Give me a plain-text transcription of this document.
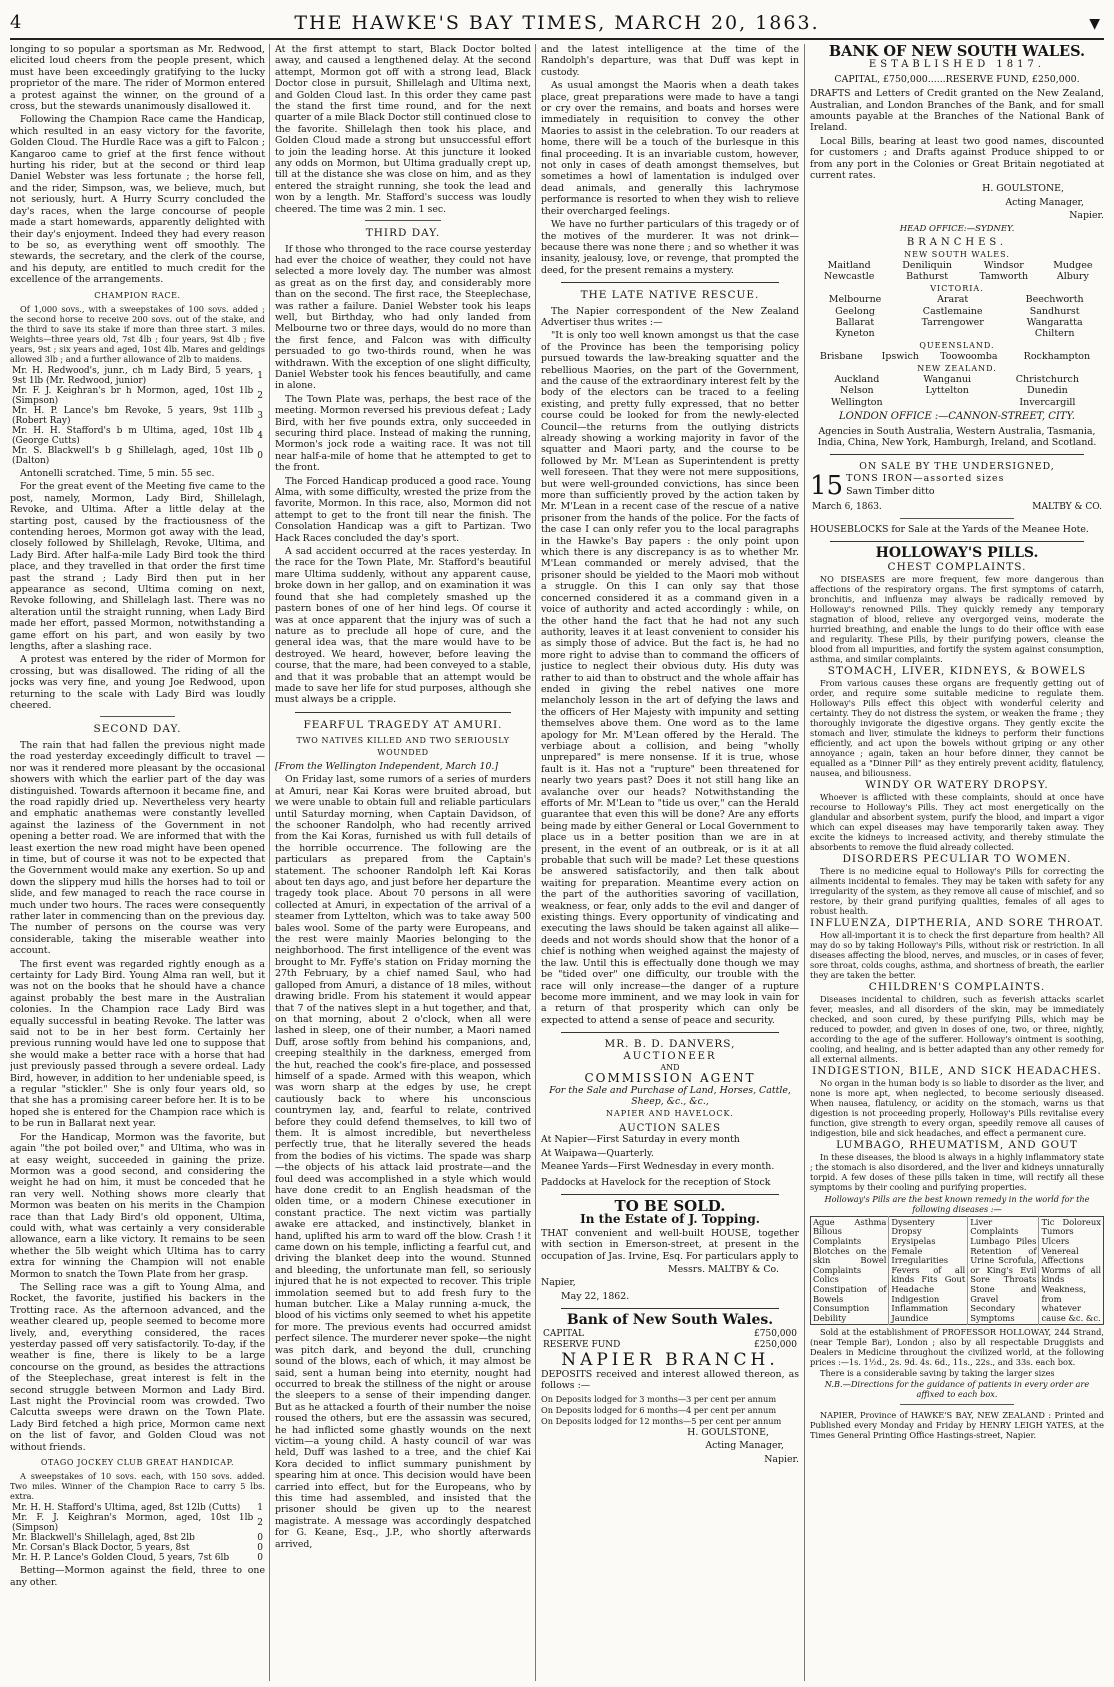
4	THE HAWKE'S BAY TIMES, MARCH 20, 1863.	▼

longing to so popular a sportsman as Mr. Redwood, elicited loud cheers from the people present, which must have been exceedingly gratifying to the lucky proprietor of the mare. The rider of Mormon entered a protest against the winner, on the ground of a cross, but the stewards unanimously disallowed it.

Following the Champion Race came the Handicap, which resulted in an easy victory for the favorite, Golden Cloud. The Hurdle Race was a gift to Falcon ; Kangaroo came to grief at the first fence without hurting his rider, but at the second or third leap Daniel Webster was less fortunate ; the horse fell, and the rider, Simpson, was, we believe, much, but not seriously, hurt. A Hurry Scurry concluded the day's races, when the large concourse of people made a start homewards, apparently delighted with their day's enjoyment. Indeed they had every reason to be so, as everything went off smoothly. The stewards, the secretary, and the clerk of the course, and his deputy, are entitled to much credit for the excellence of the arrangements.

CHAMPION RACE.

Of 1,000 sovs., with a sweepstakes of 100 sovs. added ; the second horse to receive 200 sovs. out of the stake, and the third to save its stake if more than three start. 3 miles. Weights—three years old, 7st 4lb ; four years, 9st 4lb ; five years, 9st ; six years and aged, 10st 4lb. Mares and geldings allowed 3lb ; and a further allowance of 2lb to maidens.

Mr. H. Redwood's, junr., ch m Lady Bird, 5 years, 9st 1lb (Mr. Redwood, junior)	1
Mr. F. J. Keighran's br h Mormon, aged, 10st 1lb (Simpson)	2
Mr. H. P. Lance's bm Revoke, 5 years, 9st 11lb (Robert Ray)	3
Mr. H. H. Stafford's b m Ultima, aged, 10st 1lb (George Cutts)	4
Mr. S. Blackwell's b g Shillelagh, aged, 10st 1lb (Dalton)	0

Antonelli scratched. Time, 5 min. 55 sec.

For the great event of the Meeting five came to the post, namely, Mormon, Lady Bird, Shillelagh, Revoke, and Ultima. After a little delay at the starting post, caused by the fractiousness of the contending heroes, Mormon got away with the lead, closely followed by Shillelagh, Revoke, Ultima, and Lady Bird. After half-a-mile Lady Bird took the third place, and they travelled in that order the first time past the strand ; Lady Bird then put in her appearance as second, Ultima coming on next, Revoke following, and Shillelagh last. There was no alteration until the straight running, when Lady Bird made her effort, passed Mormon, notwithstanding a game effort on his part, and won easily by two lengths, after a slashing race.

A protest was entered by the rider of Mormon for crossing, but was disallowed. The riding of all the jocks was very fine, and young Joe Redwood, upon returning to the scale with Lady Bird was loudly cheered.

SECOND DAY.

The rain that had fallen the previous night made the road yesterday exceedingly difficult to travel —nor was it rendered more pleasant by the occasional showers with which the earlier part of the day was distinguished. Towards afternoon it became fine, and the road rapidly dried up. Nevertheless very hearty and emphatic anathemas were constantly levelled against the laziness of the Government in not opening a better road. We are informed that with the least exertion the new road might have been opened in time, but of course it was not to be expected that the Government would make any exertion. So up and down the slippery mud hills the horses had to toil or slide, and few managed to reach the race course in much under two hours. The races were consequently rather later in commencing than on the previous day. The number of persons on the course was very considerable, taking the miserable weather into account.

The first event was regarded rightly enough as a certainty for Lady Bird. Young Alma ran well, but it was not on the books that he should have a chance against probably the best mare in the Australian colonies. In the Champion race Lady Bird was equally successful in beating Revoke. The latter was said not to be in her best form. Certainly her previous running would have led one to suppose that she would make a better race with a horse that had just previously passed through a severe ordeal. Lady Bird, however, in addition to her undeniable speed, is a regular "stickler." She is only four years old, so that she has a promising career before her. It is to be hoped she is entered for the Champion race which is to be run in Ballarat next year.

For the Handicap, Mormon was the favorite, but again "the pot boiled over," and Ultima, who was in at easy weight, succeeded in gaining the prize. Mormon was a good second, and considering the weight he had on him, it must be conceded that he ran very well. Nothing shows more clearly that Mormon was beaten on his merits in the Champion race than that Lady Bird's old opponent, Ultima, could with, what was certainly a very considerable allowance, earn a like victory. It remains to be seen whether the 5lb weight which Ultima has to carry extra for winning the Champion will not enable Mormon to snatch the Town Plate from her grasp.

The Selling race was a gift to Young Alma, and Rocket, the favorite, justified his backers in the Trotting race. As the afternoon advanced, and the weather cleared up, people seemed to become more lively, and, everything considered, the races yesterday passed off very satisfactorily. To-day, if the weather is fine, there is likely to be a large concourse on the ground, as besides the attractions of the Steeplechase, great interest is felt in the second struggle between Mormon and Lady Bird. Last night the Provincial room was crowded. Two Calcutta sweeps were drawn on the Town Plate. Lady Bird fetched a high price, Mormon came next on the list of favor, and Golden Cloud was not without friends.

OTAGO JOCKEY CLUB GREAT HANDICAP.

A sweepstakes of 10 sovs. each, with 150 sovs. added. Two miles. Winner of the Champion Race to carry 5 lbs. extra.

Mr. H. H. Stafford's Ultima, aged, 8st 12lb (Cutts)	1
Mr. F. J. Keighran's Mormon, aged, 10st 1lb (Simpson)	2
Mr. Blackwell's Shillelagh, aged, 8st 2lb	0
Mr. Corsan's Black Doctor, 5 years, 8st	0
Mr. H. P. Lance's Golden Cloud, 5 years, 7st 6lb	0

Betting—Mormon against the field, three to one any other.

At the first attempt to start, Black Doctor bolted away, and caused a lengthened delay. At the second attempt, Mormon got off with a strong lead, Black Doctor close in pursuit, Shillelagh and Ultima next, and Golden Cloud last. In this order they came past the stand the first time round, and for the next quarter of a mile Black Doctor still continued close to the favorite. Shillelagh then took his place, and Golden Cloud made a strong but unsuccessful effort to join the leading horse. At this juncture it looked any odds on Mormon, but Ultima gradually crept up, till at the distance she was close on him, and as they entered the straight running, she took the lead and won by a length. Mr. Stafford's success was loudly cheered. The time was 2 min. 1 sec.

THIRD DAY.

If those who thronged to the race course yesterday had ever the choice of weather, they could not have selected a more lovely day. The number was almost as great as on the first day, and considerably more than on the second. The first race, the Steeplechase, was rather a failure. Daniel Webster took his leaps well, but Birthday, who had only landed from Melbourne two or three days, would do no more than the first fence, and Falcon was with difficulty persuaded to go two-thirds round, when he was withdrawn. With the exception of one slight difficulty, Daniel Webster took his fences beautifully, and came in alone.

The Town Plate was, perhaps, the best race of the meeting. Mormon reversed his previous defeat ; Lady Bird, with her five pounds extra, only succeeded in securing third place. Instead of making the running, Mormon's jock rode a waiting race. It was not till near half-a-mile of home that he attempted to get to the front.

The Forced Handicap produced a good race. Young Alma, with some difficulty, wrested the prize from the favorite, Mormon. In this race, also, Mormon did not attempt to get to the front till near the finish. The Consolation Handicap was a gift to Partizan. Two Hack Races concluded the day's sport.

A sad accident occurred at the races yesterday. In the race for the Town Plate, Mr. Stafford's beautiful mare Ultima suddenly, without any apparent cause, broke down in her gallop, and on examination it was found that she had completely smashed up the pastern bones of one of her hind legs. Of course it was at once apparent that the injury was of such a nature as to preclude all hope of cure, and the general idea was, that the mare would have to be destroyed. We heard, however, before leaving the course, that the mare, had been conveyed to a stable, and that it was probable that an attempt would be made to save her life for stud purposes, although she must always be a cripple.

FEARFUL TRAGEDY AT AMURI.
TWO NATIVES KILLED AND TWO SERIOUSLY WOUNDED

[From the Wellington Independent, March 10.]

On Friday last, some rumors of a series of murders at Amuri, near Kai Koras were bruited abroad, but we were unable to obtain full and reliable particulars until Saturday morning, when Captain Davidson, of the schooner Randolph, who had recently arrived from the Kai Koras, furnished us with full details of the horrible occurrence. The following are the particulars as prepared from the Captain's statement. The schooner Randolph left Kai Koras about ten days ago, and just before her departure the tragedy took place. About 70 persons in all were collected at Amuri, in expectation of the arrival of a steamer from Lyttelton, which was to take away 500 bales wool. Some of the party were Europeans, and the rest were mainly Maories belonging to the neighborhood. The first intelligence of the event was brought to Mr. Fyffe's station on Friday morning the 27th February, by a chief named Saul, who had galloped from Amuri, a distance of 18 miles, without drawing bridle. From his statement it would appear that 7 of the natives slept in a hut together, and that, on that morning, about 2 o'clock, when all were lashed in sleep, one of their number, a Maori named Duff, arose softly from behind his companions, and, creeping stealthily in the darkness, emerged from the hut, reached the cook's fire-place, and possessed himself of a spade. Armed with this weapon, which was worn sharp at the edges by use, he crept cautiously back to where his unconscious countrymen lay, and, fearful to relate, contrived before they could defend themselves, to kill two of them. It is almost incredible, but nevertheless perfectly true, that he literally severed the heads from the bodies of his victims. The spade was sharp—the objects of his attack laid prostrate—and the foul deed was accomplished in a style which would have done credit to an English headsman of the olden time, or a modern Chinese executioner in constant practice. The next victim was partially awake ere attacked, and instinctively, blanket in hand, uplifted his arm to ward off the blow. Crash ! it came down on his temple, inflicting a fearful cut, and driving the blanket deep into the wound. Stunned and bleeding, the unfortunate man fell, so seriously injured that he is not expected to recover. This triple immolation seemed but to add fresh fury to the human butcher. Like a Malay running a-muck, the blood of his victims only seemed to whet his appetite for more. The previous events had occurred amidst perfect silence. The murderer never spoke—the night was pitch dark, and beyond the dull, crunching sound of the blows, each of which, it may almost be said, sent a human being into eternity, nought had occurred to break the stillness of the night or arouse the sleepers to a sense of their impending danger. But as he attacked a fourth of their number the noise roused the others, but ere the assassin was secured, he had inflicted some ghastly wounds on the next victim—a young child. A hasty council of war was held, Duff was lashed to a tree, and the chief Kai Kora decided to inflict summary punishment by spearing him at once. This decision would have been carried into effect, but for the Europeans, who by this time had assembled, and insisted that the prisoner should be given up to the nearest magistrate. A message was accordingly despatched for G. Keane, Esq., J.P., who shortly afterwards arrived,

and the latest intelligence at the time of the Randolph's departure, was that Duff was kept in custody.

As usual amongst the Maoris when a death takes place, great preparations were made to have a tangi or cry over the remains, and boats and horses were immediately in requisition to convey the other Maories to assist in the celebration. To our readers at home, there will be a touch of the burlesque in this final proceeding. It is an invariable custom, however, not only in cases of death amongst themselves, but sometimes a howl of lamentation is indulged over dead animals, and generally this lachrymose performance is resorted to when they wish to relieve their overcharged feelings.

We have no further particulars of this tragedy or of the motives of the murderer. It was not drink—because there was none there ; and so whether it was insanity, jealousy, love, or revenge, that prompted the deed, for the present remains a mystery.

THE LATE NATIVE RESCUE.

The Napier correspondent of the New Zealand Advertiser thus writes :—

"It is only too well known amongst us that the case of the Province has been the temporising policy pursued towards the law-breaking squatter and the rebellious Maories, on the part of the Government, and the cause of the extraordinary interest felt by the body of the electors can be traced to a feeling existing, and pretty fully expressed, that no better course could be looked for from the newly-elected Council—the returns from the outlying districts already showing a working majority in favor of the squatter and Maori party, and the course to be followed by Mr. M'Lean as Superintendent is pretty well foreseen. That they were not mere suppositions, but were well-grounded convictions, has since been more than sufficiently proved by the action taken by Mr. M'Lean in a recent case of the rescue of a native prisoner from the hands of the police. For the facts of the case I can only refer you to the local paragraphs in the Hawke's Bay papers : the only point upon which there is any discrepancy is as to whether Mr. M'Lean commanded or merely advised, that the prisoner should be yielded to the Maori mob without a struggle. On this I can only say that those concerned considered it as a command given in a voice of authority and acted accordingly : while, on the other hand the fact that he had not any such authority, leaves it at least convenient to consider his as simply those of advice. But the fact is, he had no more right to advise than to command the officers of justice to neglect their obvious duty. His duty was rather to aid than to obstruct and the whole affair has ended in giving the rebel natives one more melancholy lesson in the art of defying the laws and the officers of Her Majesty with impunity and setting themselves above them. One word as to the lame apology for Mr. M'Lean offered by the Herald. The verbiage about a collision, and being "wholly unprepared" is mere nonsense. If it is true, whose fault is it. Has not a "rupture" been threatened for nearly two years past? Does it not still hang like an avalanche over our heads? Notwithstanding the efforts of Mr. M'Lean to "tide us over," can the Herald guarantee that even this will be done? Are any efforts being made by either General or Local Government to place us in a better position than we are in at present, in the event of an outbreak, or is it at all probable that such will be made? Let these questions be answered satisfactorily, and then talk about waiting for preparation. Meantime every action on the part of the authorities savoring of vacillation, weakness, or fear, only adds to the evil and danger of existing things. Every opportunity of vindicating and executing the laws should be taken against all alike—deeds and not words should show that the honor of a chief is nothing when weighed against the majesty of the law. Until this is effectually done though we may be "tided over" one difficulty, our trouble with the race will only increase—the danger of a rupture become more imminent, and we may look in vain for a return of that prosperity which can only be expected to attend a sense of peace and security.

MR. B. D. DANVERS,
AUCTIONEER
AND
COMMISSION AGENT
For the Sale and Purchase of Land, Horses, Cattle, Sheep, &c., &c.,
NAPIER AND HAVELOCK.
AUCTION SALES

At Napier—First Saturday in every month

At Waipawa—Quarterly.

Meanee Yards—First Wednesday in every month.

Paddocks at Havelock for the reception of Stock

TO BE SOLD.
In the Estate of J. Topping.

THAT convenient and well-built HOUSE, together with section in Emerson-street, at present in the occupation of Jas. Irvine, Esq. For particulars apply to

Messrs. MALTBY & Co.

Napier,

May 22, 1862.

Bank of New South Wales.
CAPITAL	£750,000
RESERVE FUND	£250,000
NAPIER BRANCH.

DEPOSITS received and interest allowed thereon, as follows :—

On Deposits lodged for 3 months—3 per cent per annum

On Deposits lodged for 6 months—4 per cent per annum

On Deposits lodged for 12 months—5 per cent per annum

H. GOULSTONE,

Acting Manager,

Napier.

BANK OF NEW SOUTH WALES.
ESTABLISHED 1817.
CAPITAL, £750,000......RESERVE FUND, £250,000.

DRAFTS and Letters of Credit granted on the New Zealand, Australian, and London Branches of the Bank, and for small amounts payable at the Branches of the National Bank of Ireland.

Local Bills, bearing at least two good names, discounted for customers ; and Drafts against Produce shipped to or from any port in the Colonies or Great Britain negotiated at current rates.

H. GOULSTONE,

Acting Manager,

Napier.

HEAD OFFICE:—SYDNEY.
BRANCHES.
NEW SOUTH WALES.
Maitland	Deniliquin	Windsor	Mudgee
Newcastle	Bathurst	Tamworth	Albury
VICTORIA.
Melbourne	Ararat	Beechworth
Geelong	Castlemaine	Sandhurst
Ballarat	Tarrengower	Wangaratta
Kyneton		Chiltern
QUEENSLAND.
Brisbane	Ipswich	Toowoomba	Rockhampton
NEW ZEALAND.
Auckland	Wanganui	Christchurch
Nelson	Lyttelton	Dunedin
Wellington		Invercargill
LONDON OFFICE :—CANNON-STREET, CITY.

Agencies in South Australia, Western Australia, Tasmania, India, China, New York, Hamburgh, Ireland, and Scotland.

ON SALE BY THE UNDERSIGNED,
15 TONS IRON—assorted sizes

Sawn Timber ditto

March 6, 1863.	MALTBY & CO.

HOUSEBLOCKS for Sale at the Yards of the Meanee Hote.

HOLLOWAY'S PILLS.
CHEST COMPLAINTS.

NO DISEASES are more frequent, few more dangerous than affections of the respiratory organs. The first symptoms of catarrh, bronchitis, and influenza may always be radically removed by Holloway's renowned Pills. They quickly remedy any temporary stagnation of blood, relieve any overgorged veins, moderate the hurried breathing, and enable the lungs to do their office with ease and regularity. These Pills, by their purifying powers, cleanse the blood from all impurities, and fortify the system against consumption, asthma, and similar complaints.

STOMACH, LIVER, KIDNEYS, & BOWELS

From various causes these organs are frequently getting out of order, and require some suitable medicine to regulate them. Holloway's Pills effect this object with wonderful celerity and certainty. They do not distress the system, or weaken the frame ; they thoroughly invigorate the digestive organs. They gently excite the stomach and liver, stimulate the kidneys to perform their functions efficiently, and act upon the bowels without griping or any other annoyance ; again, taken an hour before dinner, they cannot be equalled as a "Dinner Pill" as they entirely prevent acidity, flatulency, nausea, and biliousness.

WINDY OR WATERY DROPSY.

Whoever is afflicted with these complaints, should at once have recourse to Holloway's Pills. They act most energetically on the glandular and absorbent system, purify the blood, and impart a vigor which can expel diseases may have temporarily taken away. They excite the kidneys to increased activity, and thereby stimulate the absorbents to remove the fluid already collected.

DISORDERS PECULIAR TO WOMEN.

There is no medicine equal to Holloway's Pills for correcting the ailments incidental to females. They may be taken with safety for any irregularity of the system, as they remove all cause of mischief, and so restore, by their grand purifying qualities, females of all ages to robust health.

INFLUENZA, DIPTHERIA, AND SORE THROAT.

How all-important it is to check the first departure from health? All may do so by taking Holloway's Pills, without risk or restriction. In all diseases affecting the blood, nerves, and muscles, or in cases of fever, sore throat, colds coughs, asthma, and shortness of breath, the earlier they are taken the better.

CHILDREN'S COMPLAINTS.

Diseases incidental to children, such as feverish attacks scarlet fever, measles, and all disorders of the skin, may be immediately checked, and soon cured, by these purifying Pills, which may be reduced to powder, and given in doses of one, two, or three, nightly, according to the age of the sufferer. Holloway's ointment is soothing, cooling, and healing, and is better adapted than any other remedy for all external ailments.

INDIGESTION, BILE, AND SICK HEADACHES.

No organ in the human body is so liable to disorder as the liver, and none is more apt, when neglected, to become seriously diseased. When nausea, flatulency, or acidity on the stomach, warns us that digestion is not proceeding properly, Holloway's Pills revitalise every function, give strength to every organ, speedily remove all causes of indigestion, bile and sick headaches, and effect a permanent cure.

LUMBAGO, RHEUMATISM, AND GOUT

In these diseases, the blood is always in a highly inflammatory state ; the stomach is also disordered, and the liver and kidneys unnaturally torpid. A few doses of these pills taken in time, will rectify all these symptoms by their cooling and purifying properties.

Holloway's Pills are the best known remedy in the world for the following diseases :—

Ague Asthma Bilious Complaints Blotches on the skin Bowel Complaints Colics Constipation of Bowels Consumption Debility	Dysentery Dropsy Erysipelas Female Irregularities Fevers of all kinds Fits Gout Headache Indigestion Inflammation Jaundice	Liver Complaints Lumbago Piles Retention of Urine Scrofula, or King's Evil Sore Throats Stone and Gravel Secondary Symptoms	Tic Doloreux Tumors Ulcers Venereal Affections Worms of all kinds Weakness, from whatever cause &c. &c.

Sold at the establishment of PROFESSOR HOLLOWAY, 244 Strand, (near Temple Bar), London ; also by all respectable Druggists and Dealers in Medicine throughout the civilized world, at the following prices :—1s. 1½d., 2s. 9d. 4s. 6d., 11s., 22s., and 33s. each box.

There is a considerable saving by taking the larger sizes

N.B.—Directions for the guidance of patients in every order are affixed to each box.

NAPIER, Province of HAWKE'S BAY, NEW ZEALAND : Printed and Published every Monday and Friday by HENRY LEIGH YATES, at the Times General Printing Office Hastings-street, Napier.
